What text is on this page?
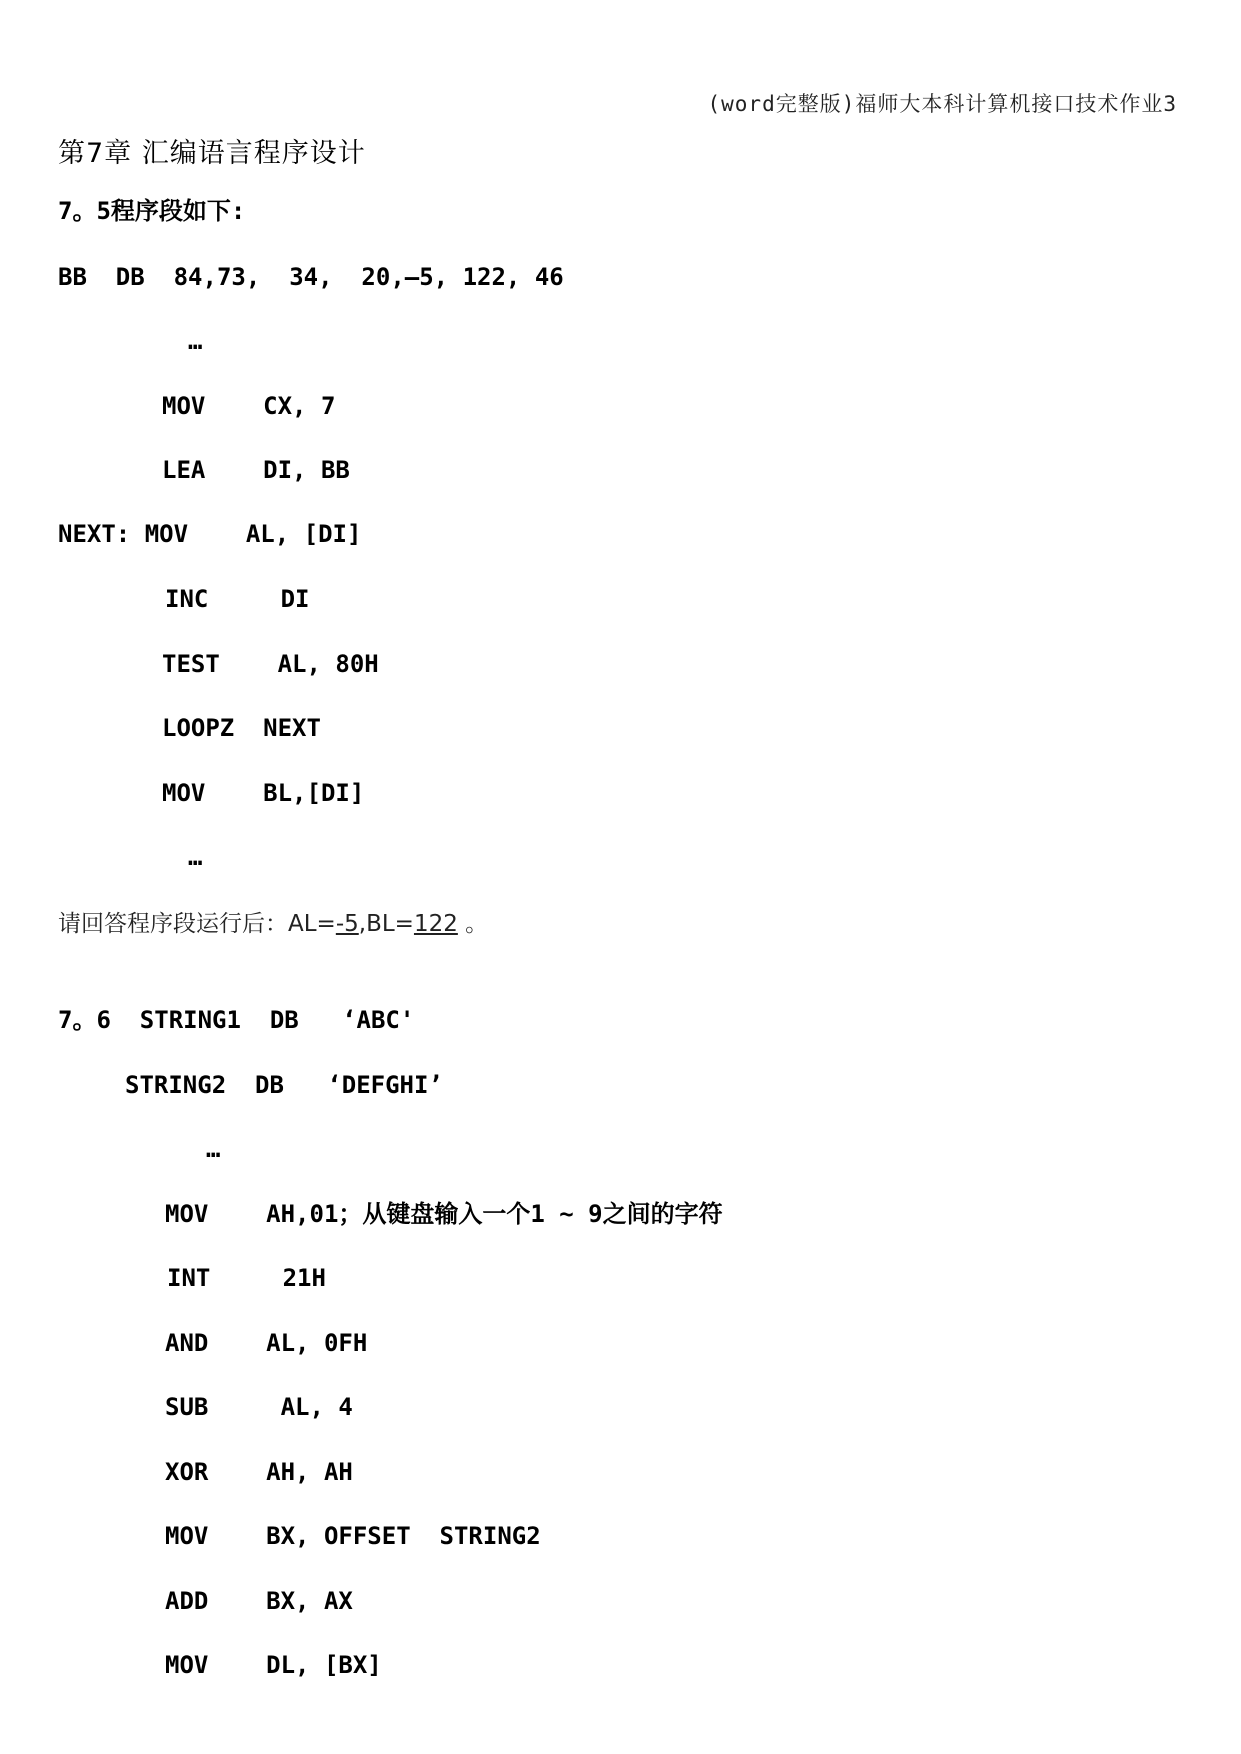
(word完整版)福师大本科计算机接口技术作业3
第7章 汇编语言程序设计
7。5程序段如下:
BB  DB  84,73,  34,  20,—5, 122, 46
…
MOV    CX, 7
LEA    DI, BB
NEXT: MOV    AL, [DI]
INC     DI
TEST    AL, 80H
LOOPZ  NEXT
MOV    BL,[DI]
…
请回答程序段运行后：AL=-5,BL=122 。
7。6  STRING1  DB   ‘ABC'
STRING2  DB   ‘DEFGHI’
…
MOV    AH,01；从键盘输入一个1 ~ 9之间的字符
INT     21H
AND    AL, 0FH
SUB     AL, 4
XOR    AH, AH
MOV    BX, OFFSET  STRING2
ADD    BX, AX
MOV    DL, [BX]
